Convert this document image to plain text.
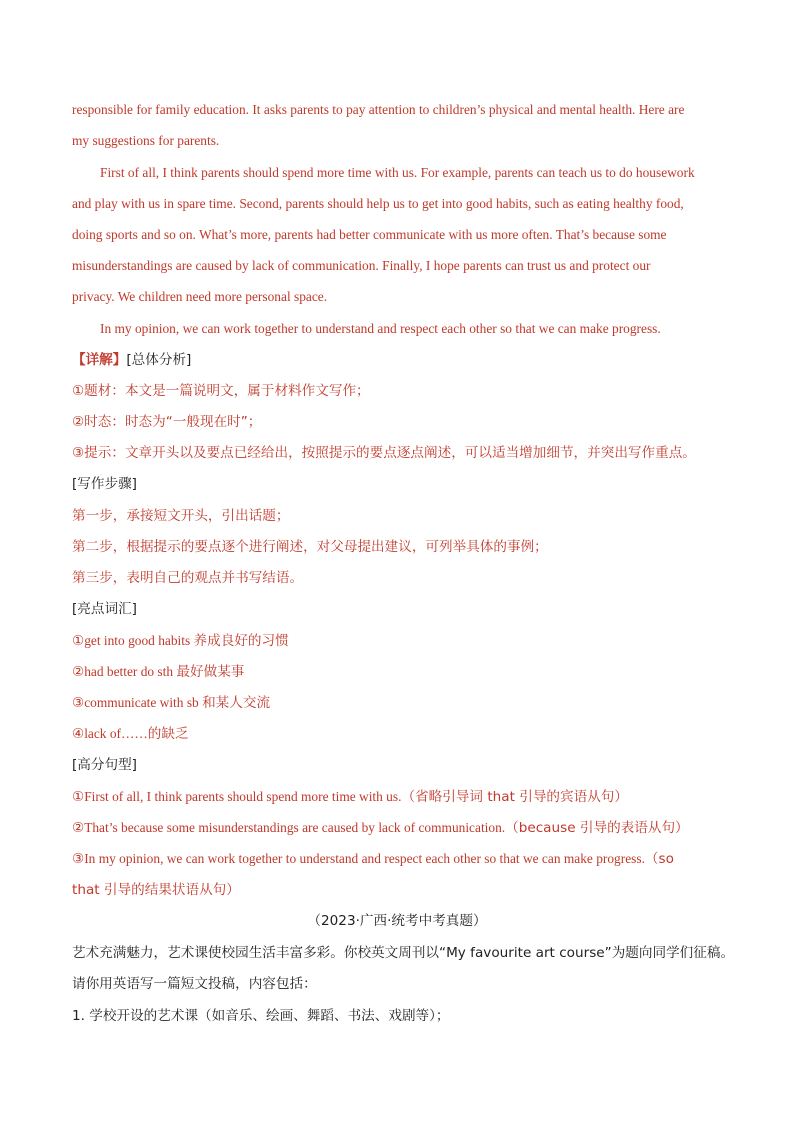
responsible for family education. It asks parents to pay attention to children’s physical and mental health. Here are
my suggestions for parents.
First of all, I think parents should spend more time with us. For example, parents can teach us to do housework
and play with us in spare time. Second, parents should help us to get into good habits, such as eating healthy food,
doing sports and so on. What’s more, parents had better communicate with us more often. That’s because some
misunderstandings are caused by lack of communication. Finally, I hope parents can trust us and protect our
privacy. We children need more personal space.
In my opinion, we can work together to understand and respect each other so that we can make progress.
【详解】[总体分析]
①题材：本文是一篇说明文，属于材料作文写作；
②时态：时态为“一般现在时”；
③提示：文章开头以及要点已经给出，按照提示的要点逐点阐述，可以适当增加细节，并突出写作重点。
[写作步骤]
第一步，承接短文开头，引出话题；
第二步，根据提示的要点逐个进行阐述，对父母提出建议，可列举具体的事例；
第三步，表明自己的观点并书写结语。
[亮点词汇]
①get into good habits 养成良好的习惯
②had better do sth 最好做某事
③communicate with sb 和某人交流
④lack of……的缺乏
[高分句型]
①First of all, I think parents should spend more time with us.（省略引导词 that 引导的宾语从句）
②That’s because some misunderstandings are caused by lack of communication.（because 引导的表语从句）
③In my opinion, we can work together to understand and respect each other so that we can make progress.（so
that 引导的结果状语从句）
（2023·广西·统考中考真题）
艺术充满魅力，艺术课使校园生活丰富多彩。你校英文周刊以“My favourite art course”为题向同学们征稿。
请你用英语写一篇短文投稿，内容包括：
1. 学校开设的艺术课（如音乐、绘画、舞蹈、书法、戏剧等）；
